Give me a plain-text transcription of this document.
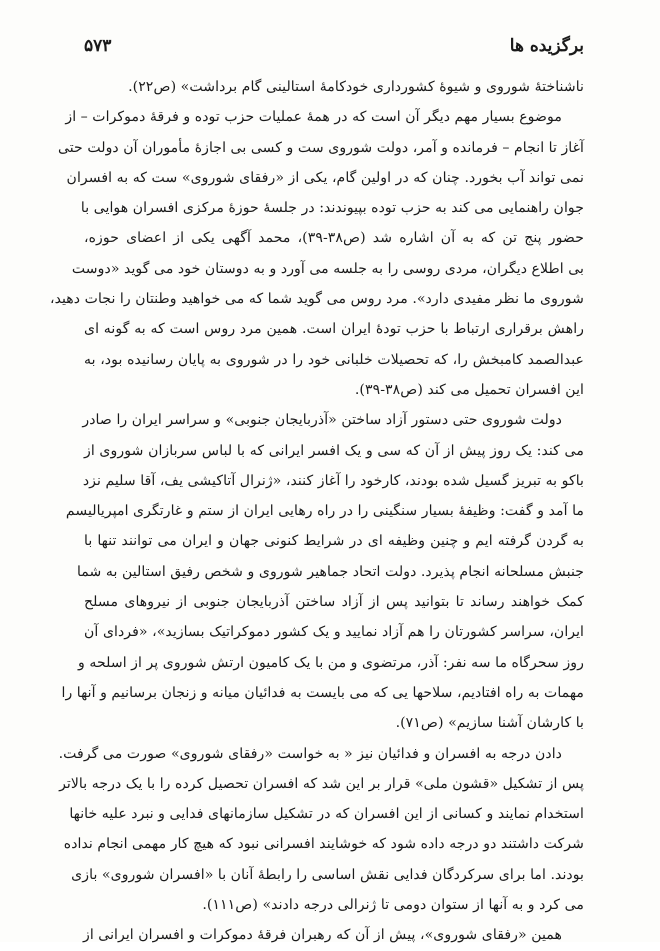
برگزیده ها
۵۷۳
ناشناختهٔ شوروی و شیوهٔ کشورداری خودکامهٔ استالینی گام برداشت» (ص۲۲).
موضوع بسیار مهم دیگر آن است که در همهٔ عملیات حزب توده و فرقهٔ دموکرات – از
آغاز تا انجام – فرمانده و آمر، دولت شوروی ست و کسی بی اجازهٔ مأموران آن دولت حتی
نمی تواند آب بخورد. چنان که در اولین گام، یکی از «رفقای شوروی» ست که به افسران
جوان راهنمایی می کند به حزب توده بپیوندند: در جلسهٔ حوزهٔ مرکزی افسران هوایی با
حضور پنج تن که به آن اشاره شد (ص۳۸-۳۹)، محمد آگهی یکی از اعضای حوزه،
بی اطلاع دیگران، مردی روسی را به جلسه می آورد و به دوستان خود می گوید «دوست
شوروی ما نظر مفیدی دارد». مرد روس می گوید شما که می خواهید وطنتان را نجات دهید،
راهش برقراری ارتباط با حزب تودهٔ ایران است. همین مرد روس است که به گونه ای
عبدالصمد کامبخش را، که تحصیلات خلبانی خود را در شوروی به پایان رسانیده بود، به
این افسران تحمیل می کند (ص۳۸-۳۹).
دولت شوروی حتی دستور آزاد ساختن «آذربایجان جنوبی» و سراسر ایران را صادر
می کند: یک روز پیش از آن که سی و یک افسر ایرانی که با لباس سربازان شوروی از
باکو به تبریز گسیل شده بودند، کارخود را آغاز کنند، «ژنرال آتاکیشی یف، آقا سلیم نزد
ما آمد و گفت: وظیفهٔ بسیار سنگینی را در راه رهایی ایران از ستم و غارتگری امپریالیسم
به گردن گرفته ایم و چنین وظیفه ای در شرایط کنونی جهان و ایران می توانند تنها با
جنبش مسلحانه انجام پذیرد. دولت اتحاد جماهیر شوروی و شخص رفیق استالین به شما
کمک خواهند رساند تا بتوانید پس از آزاد ساختن آذربایجان جنوبی از نیروهای مسلح
ایران، سراسر کشورتان را هم آزاد نمایید و یک کشور دموکراتیک بسازید»، «فردای آن
روز سحرگاه ما سه نفر: آذر، مرتضوی و من با یک کامیون ارتش شوروی پر از اسلحه و
مهمات به راه افتادیم، سلاحها یی که می بایست به فدائیان میانه و زنجان برسانیم و آنها را
با کارشان آشنا سازیم» (ص۷۱).
دادن درجه به افسران و فدائیان نیز « به خواست «رفقای شوروی» صورت می گرفت.
پس از تشکیل «قشون ملی» قرار بر این شد که افسران تحصیل کرده را با یک درجه بالاتر
استخدام نمایند و کسانی از این افسران که در تشکیل سازمانهای فدایی و نبرد علیه خانها
شرکت داشتند دو درجه داده شود که خوشایند افسرانی نبود که هیچ کار مهمی انجام نداده
بودند. اما برای سرکردگان فدایی نقش اساسی را رابطهٔ آنان با «افسران شوروی» بازی
می کرد و به آنها از ستوان دومی تا ژنرالی درجه دادند» (ص۱۱۱).
همین «رفقای شوروی»، پیش از آن که رهبران فرقهٔ دموکرات و افسران ایرانی از
